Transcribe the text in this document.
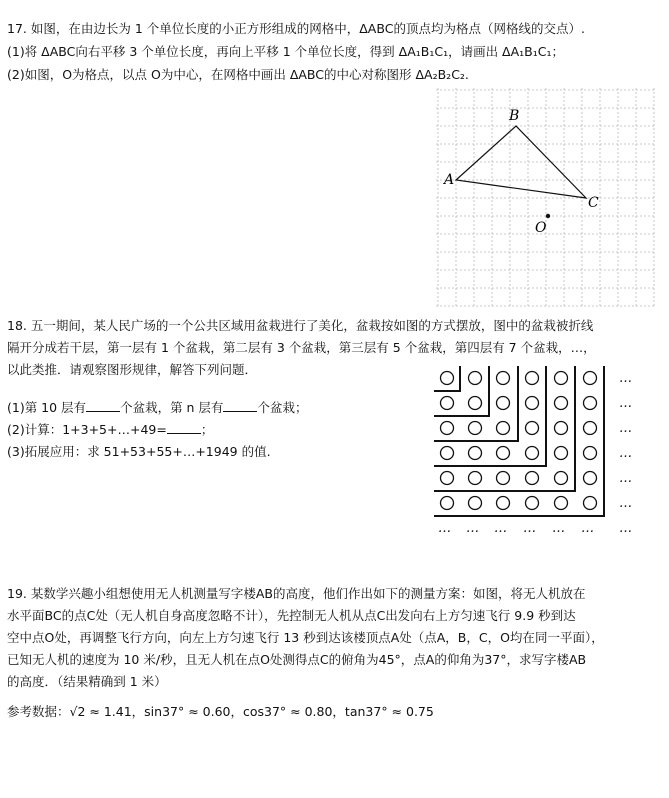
17. 如图，在由边长为 1 个单位长度的小正方形组成的网格中，ΔABC的顶点均为格点（网格线的交点）.
(1)将 ΔABC向右平移 3 个单位长度，再向上平移 1 个单位长度，得到 ΔA₁B₁C₁，请画出 ΔA₁B₁C₁；
(2)如图，O为格点，以点 O为中心，在网格中画出 ΔABC的中心对称图形 ΔA₂B₂C₂.
A
B
C
O
18. 五一期间，某人民广场的一个公共区域用盆栽进行了美化，盆栽按如图的方式摆放，图中的盆栽被折线
隔开分成若干层，第一层有 1 个盆栽，第二层有 3 个盆栽，第三层有 5 个盆栽，第四层有 7 个盆栽，…，
以此类推．请观察图形规律，解答下列问题．
(1)第 10 层有	个盆栽，第 n 层有	个盆栽；
(2)计算：1+3+5+…+49=	；
(3)拓展应用：求 51+53+55+…+1949 的值.
…
…
…
…
…
…
… … … … … … …
19. 某数学兴趣小组想使用无人机测量写字楼AB的高度，他们作出如下的测量方案：如图，将无人机放在
水平面BC的点C处（无人机自身高度忽略不计），先控制无人机从点C出发向右上方匀速飞行 9.9 秒到达
空中点O处，再调整飞行方向，向左上方匀速飞行 13 秒到达该楼顶点A处（点A，B，C，O均在同一平面），
已知无人机的速度为 10 米/秒，且无人机在点O处测得点C的俯角为45°，点A的仰角为37°，求写字楼AB
的高度．（结果精确到 1 米）
参考数据：√2 ≈ 1.41，sin37° ≈ 0.60，cos37° ≈ 0.80，tan37° ≈ 0.75
